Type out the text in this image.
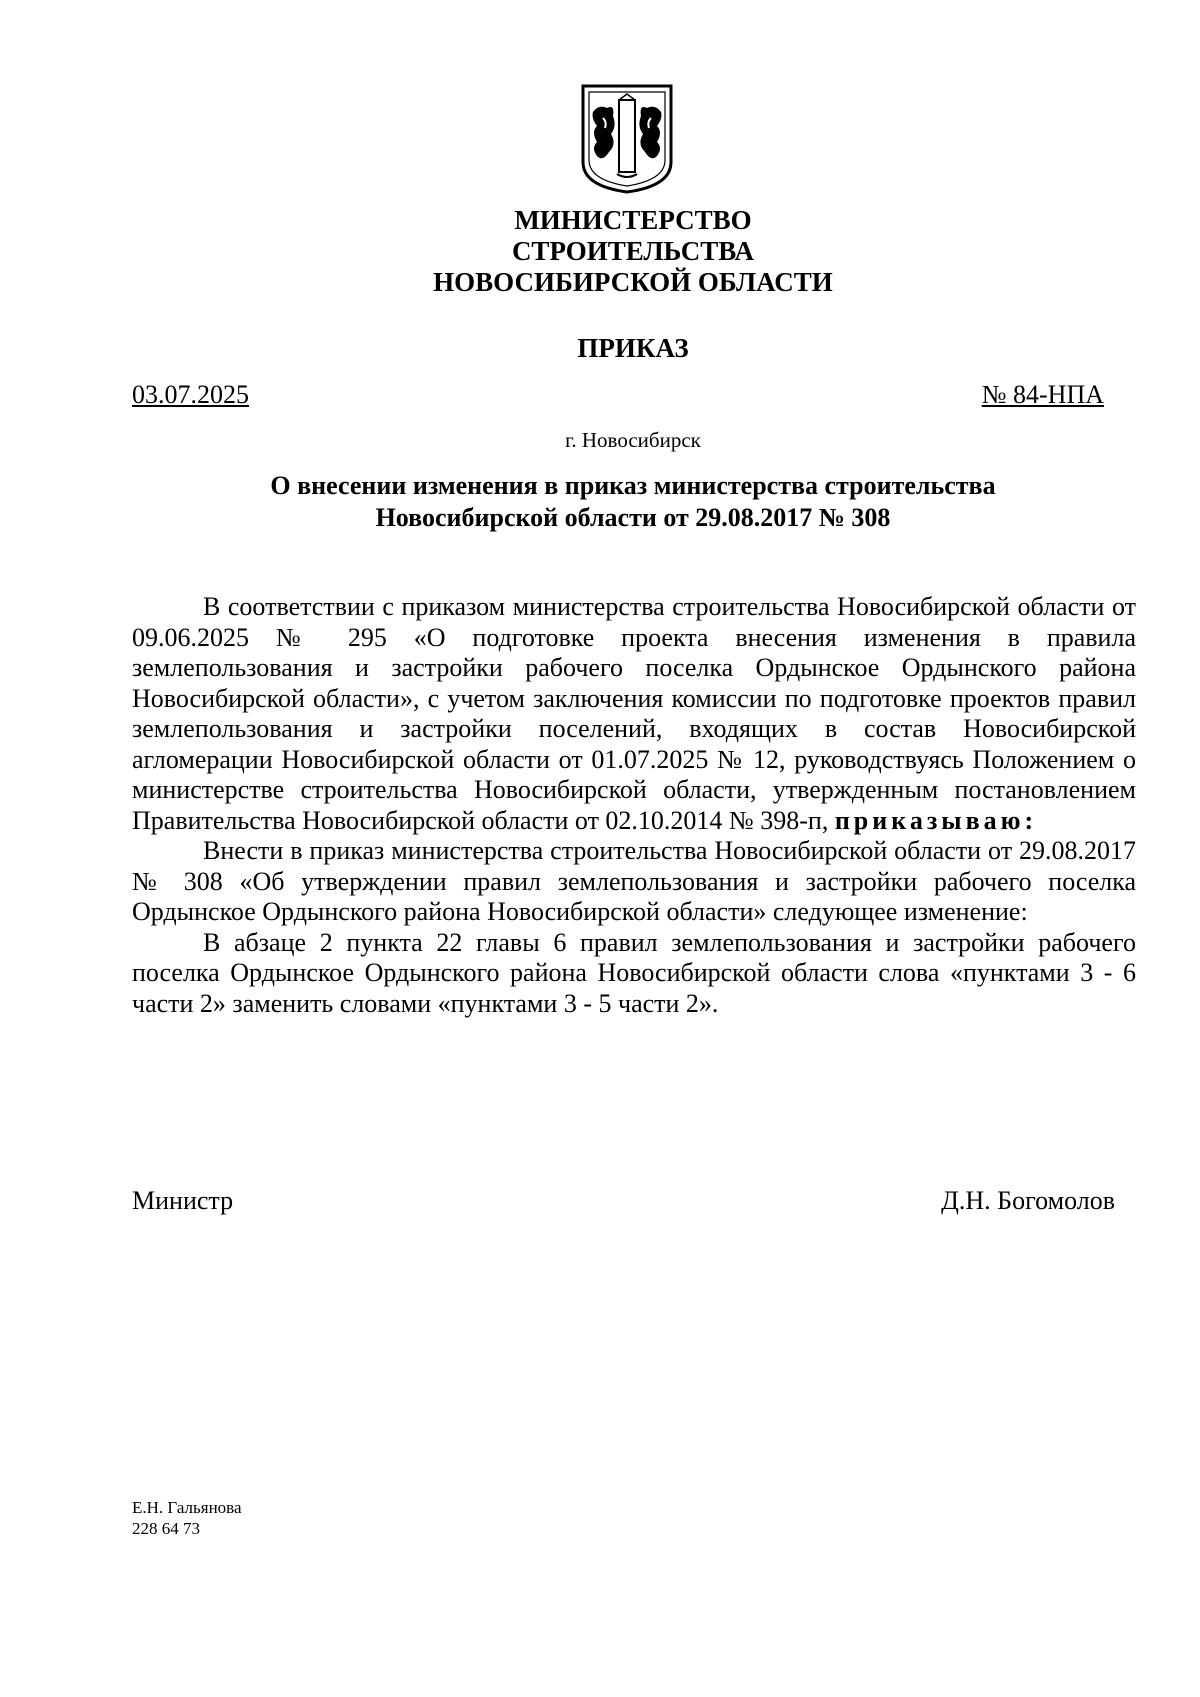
МИНИСТЕРСТВО
СТРОИТЕЛЬСТВА
НОВОСИБИРСКОЙ ОБЛАСТИ
ПРИКАЗ
03.07.2025	№ 84-НПА
г. Новосибирск
О внесении изменения в приказ министерства строительства
Новосибирской области от 29.08.2017 № 308

В соответствии с приказом министерства строительства Новосибирской области от 09.06.2025 № 295 «О подготовке проекта внесения изменения в правила землепользования и застройки рабочего поселка Ордынское Ордынского района Новосибирской области», с учетом заключения комиссии по подготовке проектов правил землепользования и застройки поселений, входящих в состав Новосибирской агломерации Новосибирской области от 01.07.2025 № 12, руководствуясь Положением о министерстве строительства Новосибирской области, утвержденным постановлением Правительства Новосибирской области от 02.10.2014 № 398-п, приказываю:

Внести в приказ министерства строительства Новосибирской области от 29.08.2017 № 308 «Об утверждении правил землепользования и застройки рабочего поселка Ордынское Ордынского района Новосибирской области» следующее изменение:

В абзаце 2 пункта 22 главы 6 правил землепользования и застройки рабочего поселка Ордынское Ордынского района Новосибирской области слова «пунктами 3 - 6 части 2» заменить словами «пунктами 3 - 5 части 2».

Министр	Д.Н. Богомолов
Е.Н. Гальянова
228 64 73
